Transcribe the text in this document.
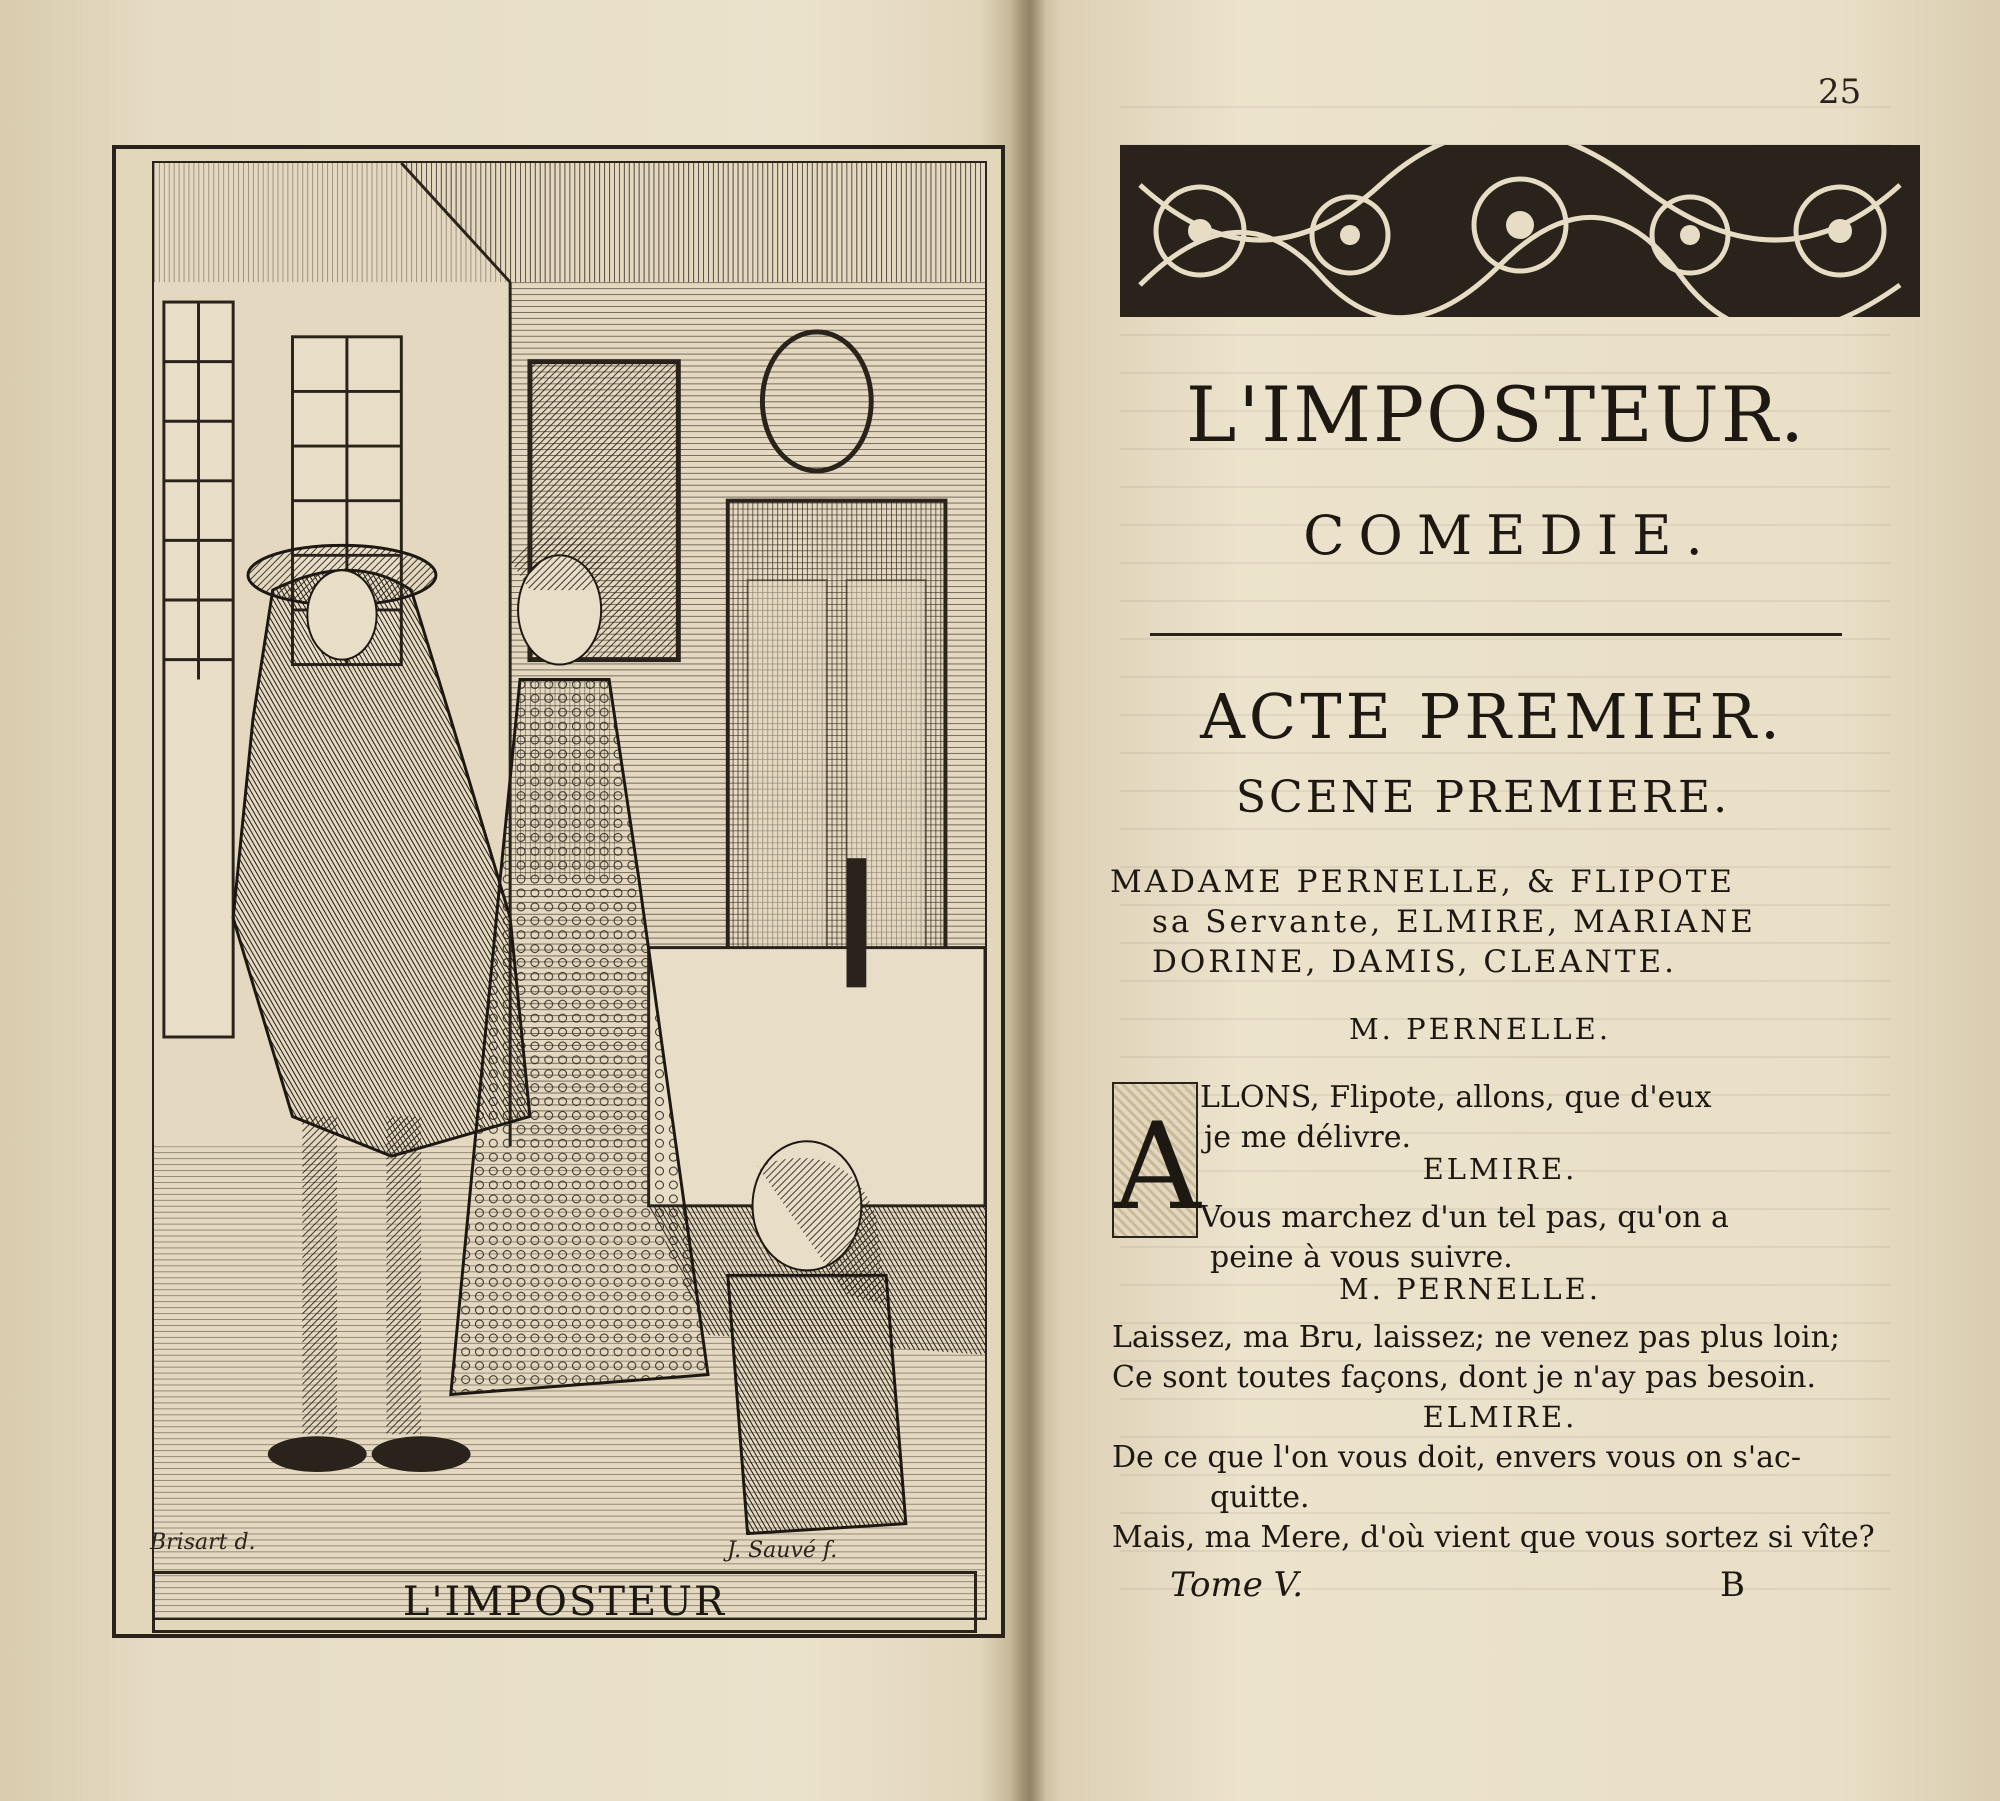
Brisart d.	J. Sauvé f.
L'IMPOSTEUR
25
L'IMPOSTEUR.
COMEDIE.
ACTE PREMIER.
SCENE PREMIERE.
MADAME PERNELLE, & FLIPOTE
sa Servante, ELMIRE, MARIANE
DORINE, DAMIS, CLEANTE.
M. PERNELLE.
A
LLONS, Flipote, allons, que d'eux
je me délivre.
ELMIRE.
Vous marchez d'un tel pas, qu'on a
peine à vous suivre.
M. PERNELLE.
Laissez, ma Bru, laissez; ne venez pas plus loin;
Ce sont toutes façons, dont je n'ay pas besoin.
ELMIRE.
De ce que l'on vous doit, envers vous on s'ac-
quitte.
Mais, ma Mere, d'où vient que vous sortez si vîte?
Tome V.	B
